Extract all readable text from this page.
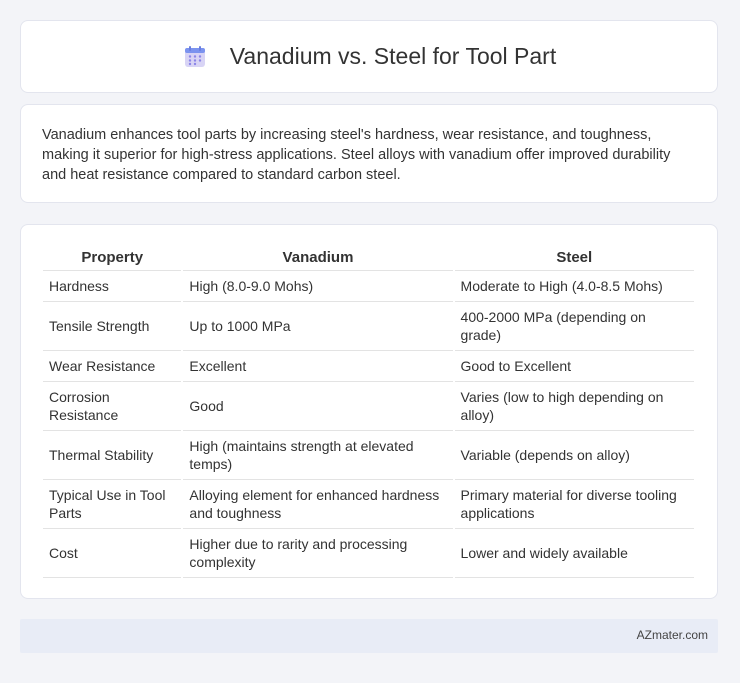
Vanadium vs. Steel for Tool Part

Vanadium enhances tool parts by increasing steel's hardness, wear resistance, and toughness, making it superior for high-stress applications. Steel alloys with vanadium offer improved durability and heat resistance compared to standard carbon steel.

Property	Vanadium	Steel
Hardness	High (8.0-9.0 Mohs)	Moderate to High (4.0-8.5 Mohs)
Tensile Strength	Up to 1000 MPa	400-2000 MPa (depending on grade)
Wear Resistance	Excellent	Good to Excellent
Corrosion Resistance	Good	Varies (low to high depending on alloy)
Thermal Stability	High (maintains strength at elevated temps)	Variable (depends on alloy)
Typical Use in Tool Parts	Alloying element for enhanced hardness and toughness	Primary material for diverse tooling applications
Cost	Higher due to rarity and processing complexity	Lower and widely available
AZmater.com
